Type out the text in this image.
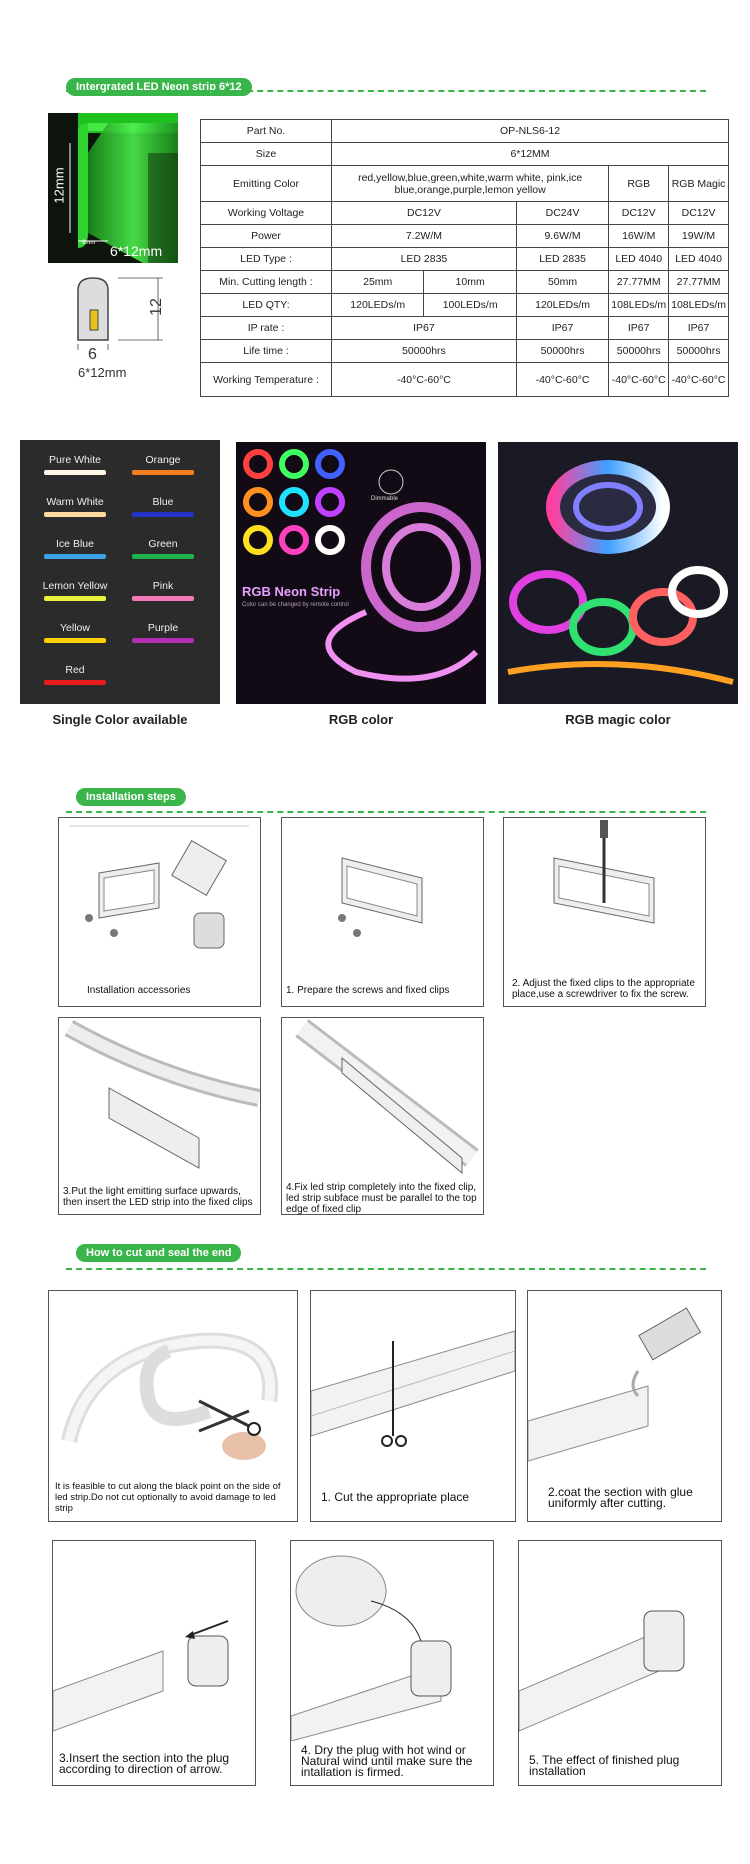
Intergrated LED Neon strip 6*12
12mm
6mm 6*12mm
12
6
6*12mm
Part No.	OP-NLS6-12				
Size	6*12MM				
Emitting Color	red,yellow,blue,green,white,warm white, pink,ice blue,orange,purple,lemon yellow			RGB	RGB Magic
Working Voltage	DC12V		DC24V	DC12V	DC12V
Power	7.2W/M		9.6W/M	16W/M	19W/M
LED Type :	LED 2835		LED 2835	LED 4040	LED 4040
Min. Cutting length :	25mm	10mm	50mm	27.77MM	27.77MM
LED QTY:	120LEDs/m	100LEDs/m	120LEDs/m	108LEDs/m	108LEDs/m
IP rate :	IP67		IP67	IP67	IP67
Life time :	50000hrs		50000hrs	50000hrs	50000hrs
Working Temperature :	-40°C-60°C		-40°C-60°C	-40°C-60°C	-40°C-60°C
Pure White	Orange
Warm White	Blue
Ice Blue	Green
Lemon Yellow	Pink
Yellow	Purple
Red
Dimmable
RGB Neon Strip
Color can be changed by remote control
Single Color available	RGB color	RGB magic color
Installation steps
Installation accessories	1. Prepare the screws and fixed clips
2. Adjust the fixed clips to the appropriate place,use a screwdriver to fix the screw.
3.Put the light emitting surface upwards, then insert the LED strip into the fixed clips
4.Fix led strip completely into the fixed clip, led strip subface must be parallel to the top edge of fixed clip
How to cut and seal the end
It is feasible to cut along the black point on the side of led strip.Do not cut optionally to avoid damage to led strip
1. Cut the appropriate place	2.coat the section with glue uniformly after cutting.
3.Insert the section into the plug according to direction of arrow.
4. Dry the plug with hot wind or Natural wind until make sure the intallation is firmed.
5. The effect of finished plug installation
